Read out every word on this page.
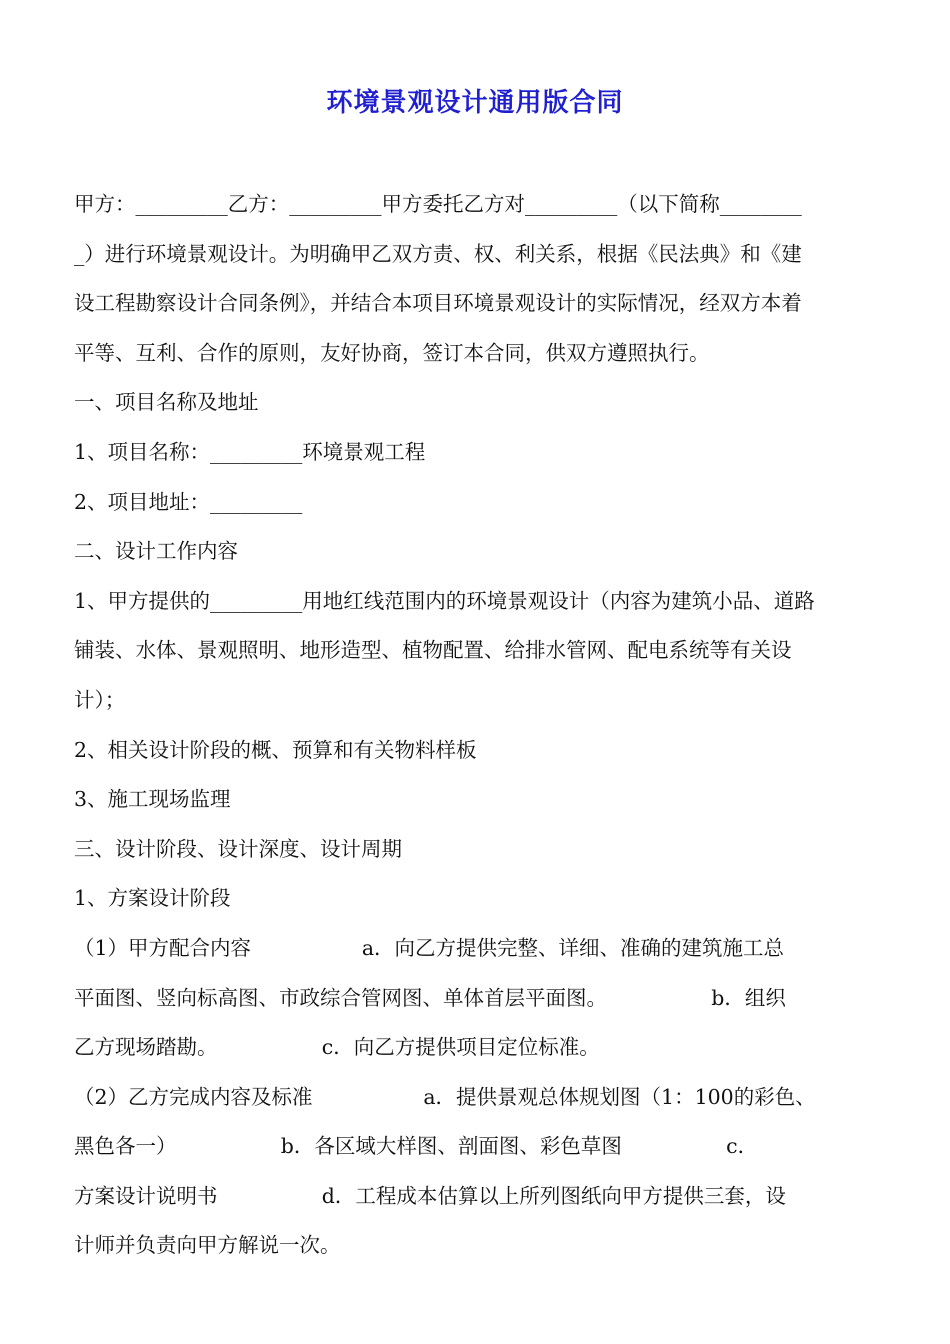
环境景观设计通用版合同
甲方：_________乙方：_________甲方委托乙方对_________（以下简称________
_）进行环境景观设计。为明确甲乙双方责、权、利关系，根据《民法典》和《建
设工程勘察设计合同条例》，并结合本项目环境景观设计的实际情况，经双方本着
平等、互利、合作的原则，友好协商，签订本合同，供双方遵照执行。
一、项目名称及地址
1、项目名称：_________环境景观工程
2、项目地址：_________
二、设计工作内容
1、甲方提供的_________用地红线范围内的环境景观设计（内容为建筑小品、道路
铺装、水体、景观照明、地形造型、植物配置、给排水管网、配电系统等有关设
计）；
2、相关设计阶段的概、预算和有关物料样板
3、施工现场监理
三、设计阶段、设计深度、设计周期
1、方案设计阶段
（1）甲方配合内容                 a．向乙方提供完整、详细、准确的建筑施工总
平面图、竖向标高图、市政综合管网图、单体首层平面图。                b．组织
乙方现场踏勘。                c．向乙方提供项目定位标准。
（2）乙方完成内容及标准                 a．提供景观总体规划图（1：100的彩色、
黑色各一）                b．各区域大样图、剖面图、彩色草图                c．
方案设计说明书                d．工程成本估算以上所列图纸向甲方提供三套，设
计师并负责向甲方解说一次。
